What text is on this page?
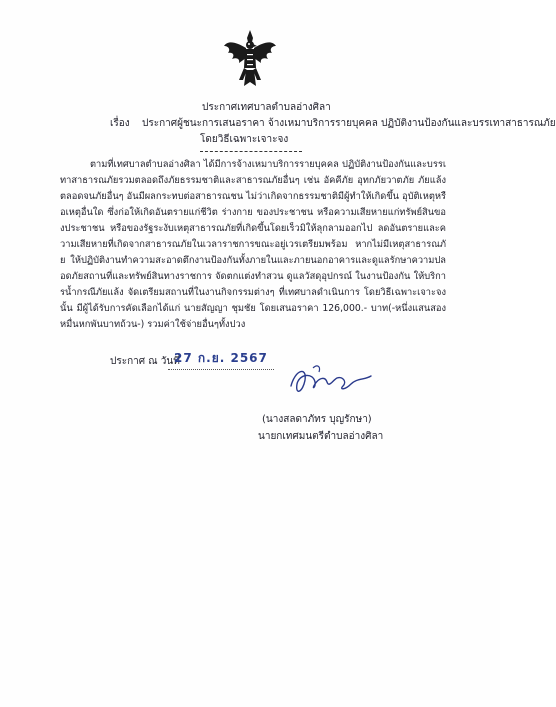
ประกาศเทศบาลตำบลอ่างศิลา
เรื่อง ประกาศผู้ชนะการเสนอราคา จ้างเหมาบริการรายบุคคล ปฏิบัติงานป้องกันและบรรเทาสาธารณภัย
โดยวิธีเฉพาะเจาะจง
ตามที่เทศบาลตำบลอ่างศิลา ได้มีการจ้างเหมาบริการรายบุคคล ปฏิบัติงานป้องกันและบรรเทาสาธารณภัยรวมตลอดถึงภัยธรรมชาติและสาธารณภัยอื่นๆ เช่น อัคคีภัย อุทกภัยวาตภัย ภัยแล้ง ตลอดจนภัยอื่นๆ อันมีผลกระทบต่อสาธารณชน ไม่ว่าเกิดจากธรรมชาติมีผู้ทำให้เกิดขึ้น อุบัติเหตุหรือเหตุอื่นใด ซึ่งก่อให้เกิดอันตรายแก่ชีวิต ร่างกาย ของประชาชน หรือความเสียหายแก่ทรัพย์สินของประชาชน หรือของรัฐระงับเหตุสาธารณภัยที่เกิดขึ้นโดยเร็วมิให้ลุกลามออกไป ลดอันตรายและความเสียหายที่เกิดจากสาธารณภัยในเวลาราชการขณะอยู่เวรเตรียมพร้อม หากไม่มีเหตุสาธารณภัย ให้ปฏิบัติงานทำความสะอาดตึกงานป้องกันทั้งภายในและภายนอกอาคารและดูแลรักษาความปลอดภัยสถานที่และทรัพย์สินทางราชการ จัดตกแต่งทำสวน ดูแลวัสดุอุปกรณ์ ในงานป้องกัน ให้บริการน้ำกรณีภัยแล้ง จัดเตรียมสถานที่ในงานกิจกรรมต่างๆ ที่เทศบาลดำเนินการ โดยวิธีเฉพาะเจาะจง นั้น มีผู้ได้รับการคัดเลือกได้แก่ นายสัญญา ชุมชัย โดยเสนอราคา 126,000.- บาท(-หนึ่งแสนสองหมื่นหกพันบาทถ้วน-) รวมค่าใช้จ่ายอื่นๆทั้งปวง
ประกาศ ณ วันที่
27 ก.ย. 2567
(นางสลดาภัทร บุญรักษา)
นายกเทศมนตรีตำบลอ่างศิลา
